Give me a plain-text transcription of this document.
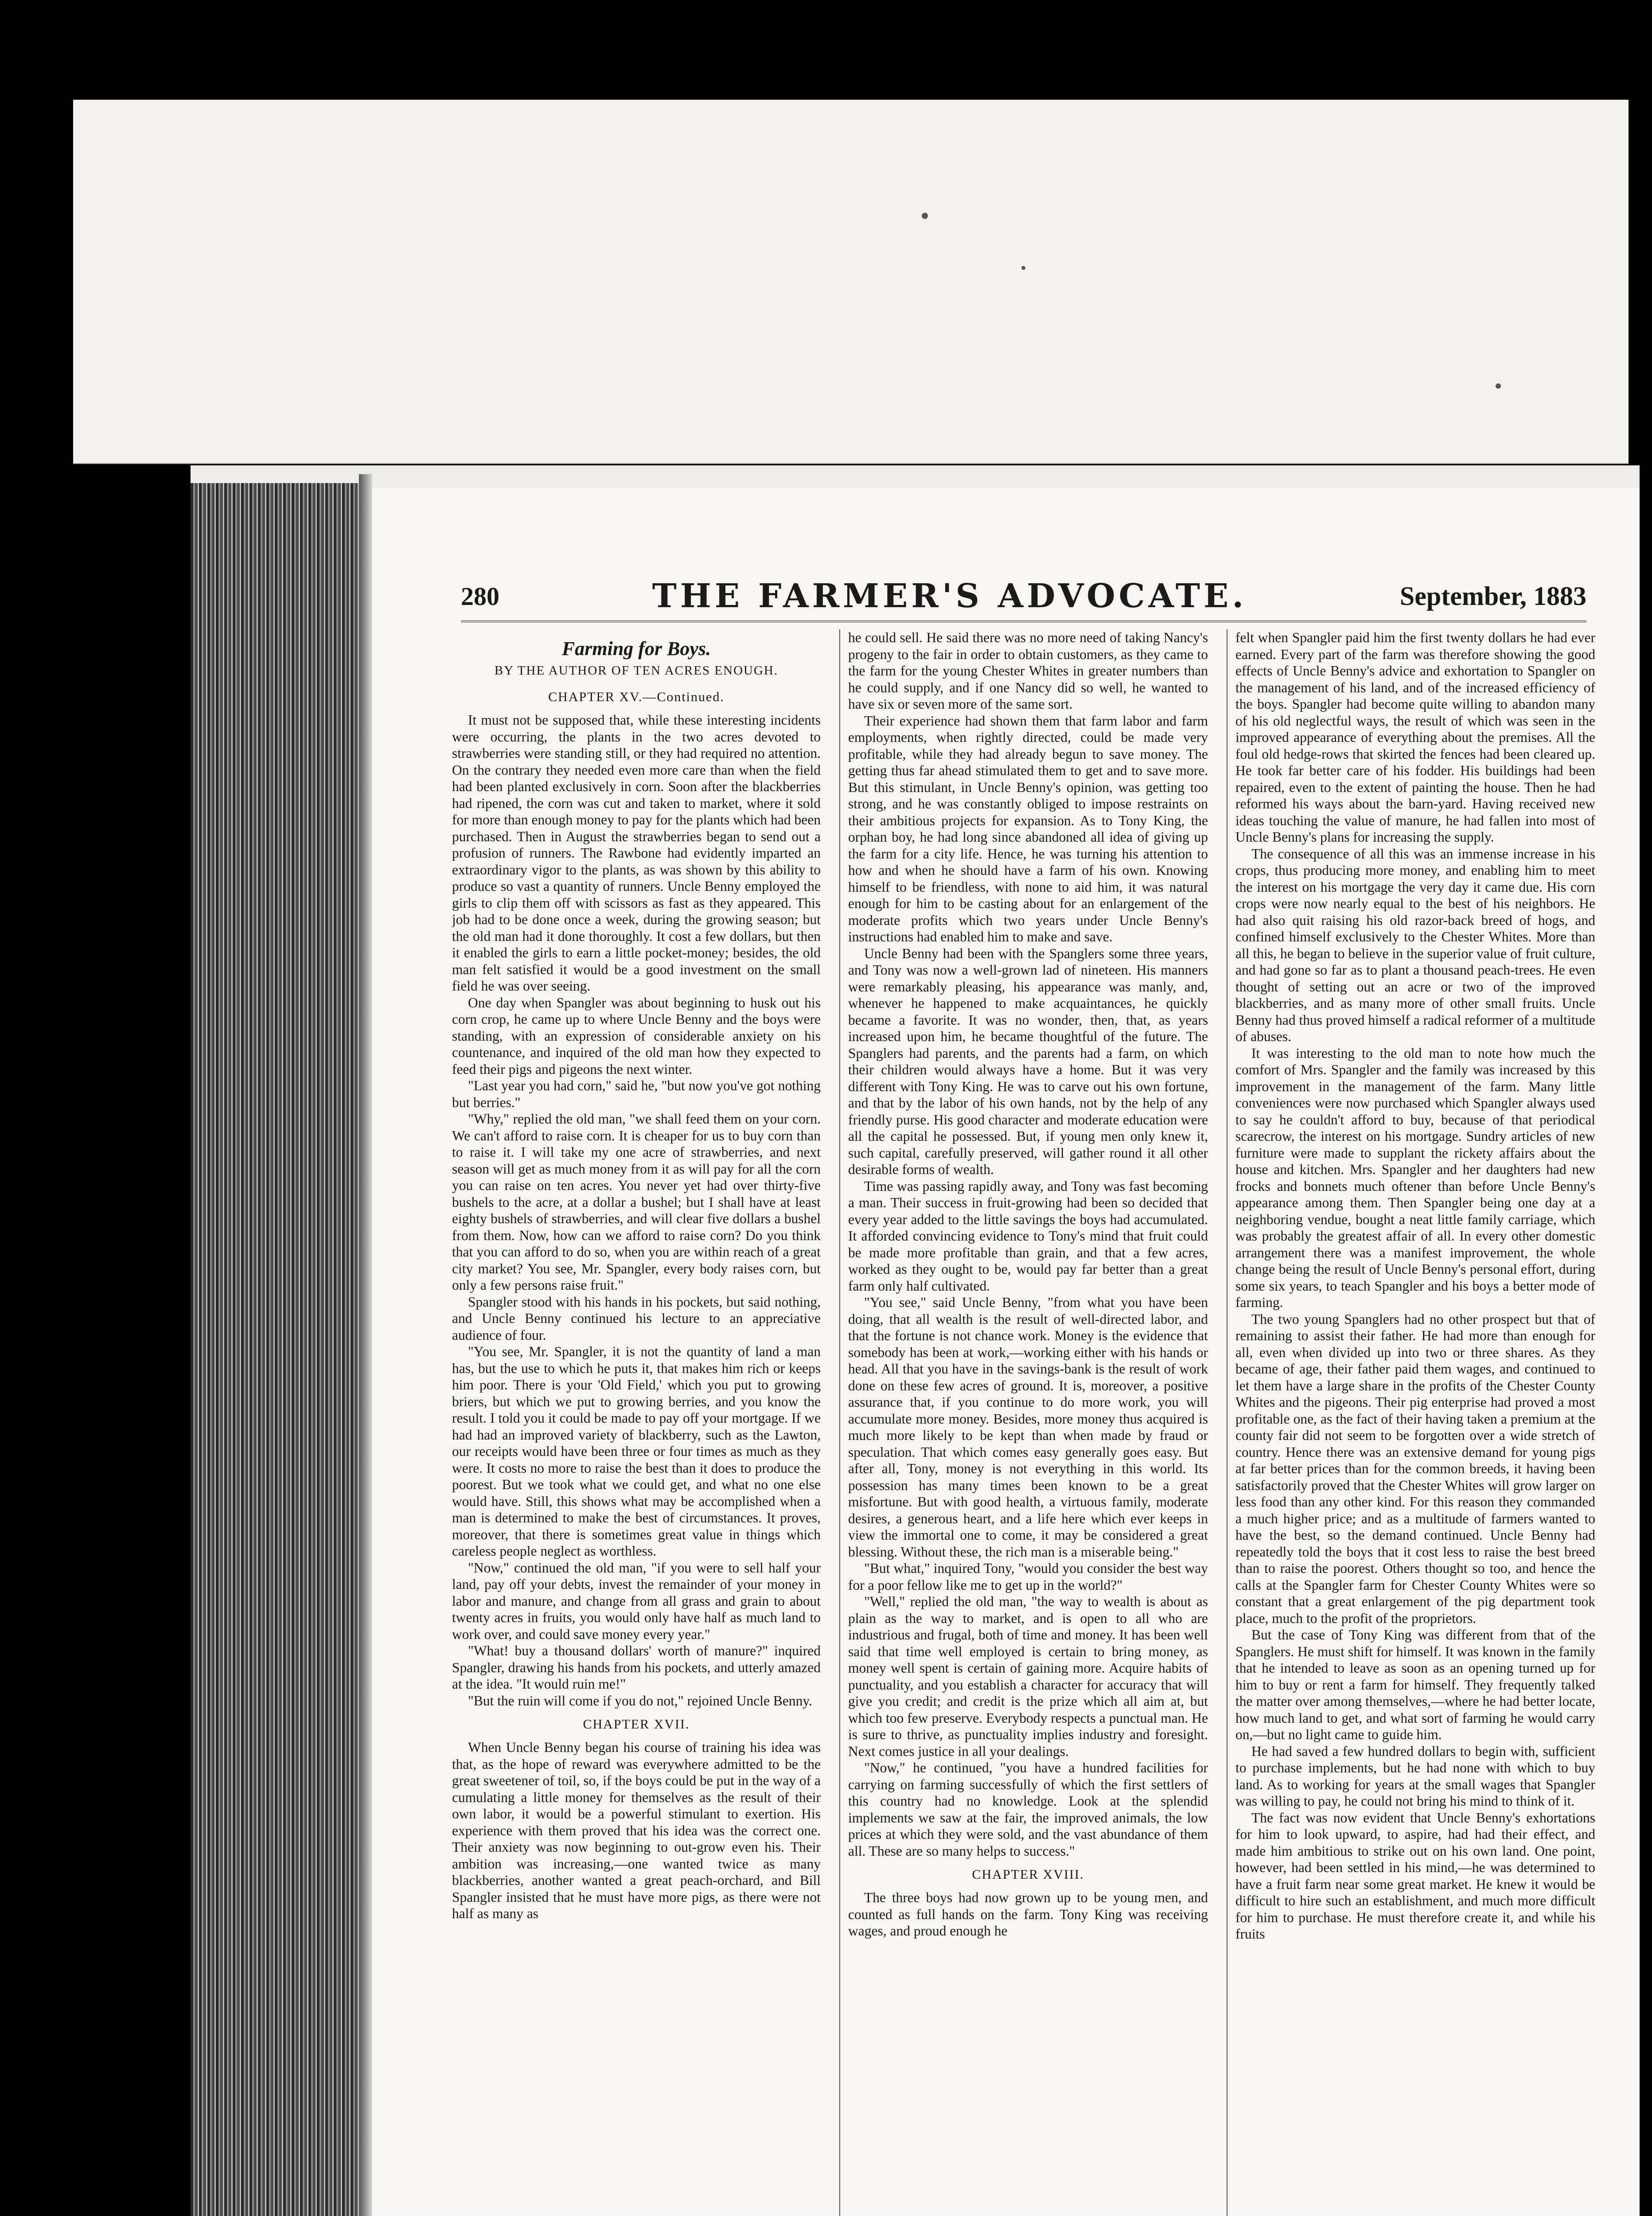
280	THE FARMER'S ADVOCATE.	September, 1883
Farming for Boys.
BY THE AUTHOR OF TEN ACRES ENOUGH.
CHAPTER XV.—Continued.

It must not be supposed that, while these interesting incidents were occurring, the plants in the two acres devoted to strawberries were standing still, or they had required no attention. On the contrary they needed even more care than when the field had been planted exclusively in corn. Soon after the blackberries had ripened, the corn was cut and taken to market, where it sold for more than enough money to pay for the plants which had been purchased. Then in August the strawberries began to send out a profusion of runners. The Rawbone had evidently imparted an extraordinary vigor to the plants, as was shown by this ability to produce so vast a quantity of runners. Uncle Benny employed the girls to clip them off with scissors as fast as they appeared. This job had to be done once a week, during the growing season; but the old man had it done thoroughly. It cost a few dollars, but then it enabled the girls to earn a little pocket-money; besides, the old man felt satisfied it would be a good investment on the small field he was over seeing.

One day when Spangler was about beginning to husk out his corn crop, he came up to where Uncle Benny and the boys were standing, with an expression of considerable anxiety on his countenance, and inquired of the old man how they expected to feed their pigs and pigeons the next winter.

"Last year you had corn," said he, "but now you've got nothing but berries."

"Why," replied the old man, "we shall feed them on your corn. We can't afford to raise corn. It is cheaper for us to buy corn than to raise it. I will take my one acre of strawberries, and next season will get as much money from it as will pay for all the corn you can raise on ten acres. You never yet had over thirty-five bushels to the acre, at a dollar a bushel; but I shall have at least eighty bushels of strawberries, and will clear five dollars a bushel from them. Now, how can we afford to raise corn? Do you think that you can afford to do so, when you are within reach of a great city market? You see, Mr. Spangler, every body raises corn, but only a few persons raise fruit."

Spangler stood with his hands in his pockets, but said nothing, and Uncle Benny continued his lecture to an appreciative audience of four.

"You see, Mr. Spangler, it is not the quantity of land a man has, but the use to which he puts it, that makes him rich or keeps him poor. There is your 'Old Field,' which you put to growing briers, but which we put to growing berries, and you know the result. I told you it could be made to pay off your mortgage. If we had had an improved variety of blackberry, such as the Lawton, our receipts would have been three or four times as much as they were. It costs no more to raise the best than it does to produce the poorest. But we took what we could get, and what no one else would have. Still, this shows what may be accomplished when a man is determined to make the best of circumstances. It proves, moreover, that there is sometimes great value in things which careless people neglect as worthless.

"Now," continued the old man, "if you were to sell half your land, pay off your debts, invest the remainder of your money in labor and manure, and change from all grass and grain to about twenty acres in fruits, you would only have half as much land to work over, and could save money every year."

"What! buy a thousand dollars' worth of manure?" inquired Spangler, drawing his hands from his pockets, and utterly amazed at the idea. "It would ruin me!"

"But the ruin will come if you do not," rejoined Uncle Benny.

CHAPTER XVII.

When Uncle Benny began his course of training his idea was that, as the hope of reward was everywhere admitted to be the great sweetener of toil, so, if the boys could be put in the way of a cumulating a little money for themselves as the result of their own labor, it would be a powerful stimulant to exertion. His experience with them proved that his idea was the correct one. Their anxiety was now beginning to out-grow even his. Their ambition was increasing,—one wanted twice as many blackberries, another wanted a great peach-orchard, and Bill Spangler insisted that he must have more pigs, as there were not half as many as

he could sell. He said there was no more need of taking Nancy's progeny to the fair in order to obtain customers, as they came to the farm for the young Chester Whites in greater numbers than he could supply, and if one Nancy did so well, he wanted to have six or seven more of the same sort.

Their experience had shown them that farm labor and farm employments, when rightly directed, could be made very profitable, while they had already begun to save money. The getting thus far ahead stimulated them to get and to save more. But this stimulant, in Uncle Benny's opinion, was getting too strong, and he was constantly obliged to impose restraints on their ambitious projects for expansion. As to Tony King, the orphan boy, he had long since abandoned all idea of giving up the farm for a city life. Hence, he was turning his attention to how and when he should have a farm of his own. Knowing himself to be friendless, with none to aid him, it was natural enough for him to be casting about for an enlargement of the moderate profits which two years under Uncle Benny's instructions had enabled him to make and save.

Uncle Benny had been with the Spanglers some three years, and Tony was now a well-grown lad of nineteen. His manners were remarkably pleasing, his appearance was manly, and, whenever he happened to make acquaintances, he quickly became a favorite. It was no wonder, then, that, as years increased upon him, he became thoughtful of the future. The Spanglers had parents, and the parents had a farm, on which their children would always have a home. But it was very different with Tony King. He was to carve out his own fortune, and that by the labor of his own hands, not by the help of any friendly purse. His good character and moderate education were all the capital he possessed. But, if young men only knew it, such capital, carefully preserved, will gather round it all other desirable forms of wealth.

Time was passing rapidly away, and Tony was fast becoming a man. Their success in fruit-growing had been so decided that every year added to the little savings the boys had accumulated. It afforded convincing evidence to Tony's mind that fruit could be made more profitable than grain, and that a few acres, worked as they ought to be, would pay far better than a great farm only half cultivated.

"You see," said Uncle Benny, "from what you have been doing, that all wealth is the result of well-directed labor, and that the fortune is not chance work. Money is the evidence that somebody has been at work,—working either with his hands or head. All that you have in the savings-bank is the result of work done on these few acres of ground. It is, moreover, a positive assurance that, if you continue to do more work, you will accumulate more money. Besides, more money thus acquired is much more likely to be kept than when made by fraud or speculation. That which comes easy generally goes easy. But after all, Tony, money is not everything in this world. Its possession has many times been known to be a great misfortune. But with good health, a virtuous family, moderate desires, a generous heart, and a life here which ever keeps in view the immortal one to come, it may be considered a great blessing. Without these, the rich man is a miserable being."

"But what," inquired Tony, "would you consider the best way for a poor fellow like me to get up in the world?"

"Well," replied the old man, "the way to wealth is about as plain as the way to market, and is open to all who are industrious and frugal, both of time and money. It has been well said that time well employed is certain to bring money, as money well spent is certain of gaining more. Acquire habits of punctuality, and you establish a character for accuracy that will give you credit; and credit is the prize which all aim at, but which too few preserve. Everybody respects a punctual man. He is sure to thrive, as punctuality implies industry and foresight. Next comes justice in all your dealings.

"Now," he continued, "you have a hundred facilities for carrying on farming successfully of which the first settlers of this country had no knowledge. Look at the splendid implements we saw at the fair, the improved animals, the low prices at which they were sold, and the vast abundance of them all. These are so many helps to success."

CHAPTER XVIII.

The three boys had now grown up to be young men, and counted as full hands on the farm. Tony King was receiving wages, and proud enough he

felt when Spangler paid him the first twenty dollars he had ever earned. Every part of the farm was therefore showing the good effects of Uncle Benny's advice and exhortation to Spangler on the management of his land, and of the increased efficiency of the boys. Spangler had become quite willing to abandon many of his old neglectful ways, the result of which was seen in the improved appearance of everything about the premises. All the foul old hedge-rows that skirted the fences had been cleared up. He took far better care of his fodder. His buildings had been repaired, even to the extent of painting the house. Then he had reformed his ways about the barn-yard. Having received new ideas touching the value of manure, he had fallen into most of Uncle Benny's plans for increasing the supply.

The consequence of all this was an immense increase in his crops, thus producing more money, and enabling him to meet the interest on his mortgage the very day it came due. His corn crops were now nearly equal to the best of his neighbors. He had also quit raising his old razor-back breed of hogs, and confined himself exclusively to the Chester Whites. More than all this, he began to believe in the superior value of fruit culture, and had gone so far as to plant a thousand peach-trees. He even thought of setting out an acre or two of the improved blackberries, and as many more of other small fruits. Uncle Benny had thus proved himself a radical reformer of a multitude of abuses.

It was interesting to the old man to note how much the comfort of Mrs. Spangler and the family was increased by this improvement in the management of the farm. Many little conveniences were now purchased which Spangler always used to say he couldn't afford to buy, because of that periodical scarecrow, the interest on his mortgage. Sundry articles of new furniture were made to supplant the rickety affairs about the house and kitchen. Mrs. Spangler and her daughters had new frocks and bonnets much oftener than before Uncle Benny's appearance among them. Then Spangler being one day at a neighboring vendue, bought a neat little family carriage, which was probably the greatest affair of all. In every other domestic arrangement there was a manifest improvement, the whole change being the result of Uncle Benny's personal effort, during some six years, to teach Spangler and his boys a better mode of farming.

The two young Spanglers had no other prospect but that of remaining to assist their father. He had more than enough for all, even when divided up into two or three shares. As they became of age, their father paid them wages, and continued to let them have a large share in the profits of the Chester County Whites and the pigeons. Their pig enterprise had proved a most profitable one, as the fact of their having taken a premium at the county fair did not seem to be forgotten over a wide stretch of country. Hence there was an extensive demand for young pigs at far better prices than for the common breeds, it having been satisfactorily proved that the Chester Whites will grow larger on less food than any other kind. For this reason they commanded a much higher price; and as a multitude of farmers wanted to have the best, so the demand continued. Uncle Benny had repeatedly told the boys that it cost less to raise the best breed than to raise the poorest. Others thought so too, and hence the calls at the Spangler farm for Chester County Whites were so constant that a great enlargement of the pig department took place, much to the profit of the proprietors.

But the case of Tony King was different from that of the Spanglers. He must shift for himself. It was known in the family that he intended to leave as soon as an opening turned up for him to buy or rent a farm for himself. They frequently talked the matter over among themselves,—where he had better locate, how much land to get, and what sort of farming he would carry on,—but no light came to guide him.

He had saved a few hundred dollars to begin with, sufficient to purchase implements, but he had none with which to buy land. As to working for years at the small wages that Spangler was willing to pay, he could not bring his mind to think of it.

The fact was now evident that Uncle Benny's exhortations for him to look upward, to aspire, had had their effect, and made him ambitious to strike out on his own land. One point, however, had been settled in his mind,—he was determined to have a fruit farm near some great market. He knew it would be difficult to hire such an establishment, and much more difficult for him to purchase. He must therefore create it, and while his fruits
